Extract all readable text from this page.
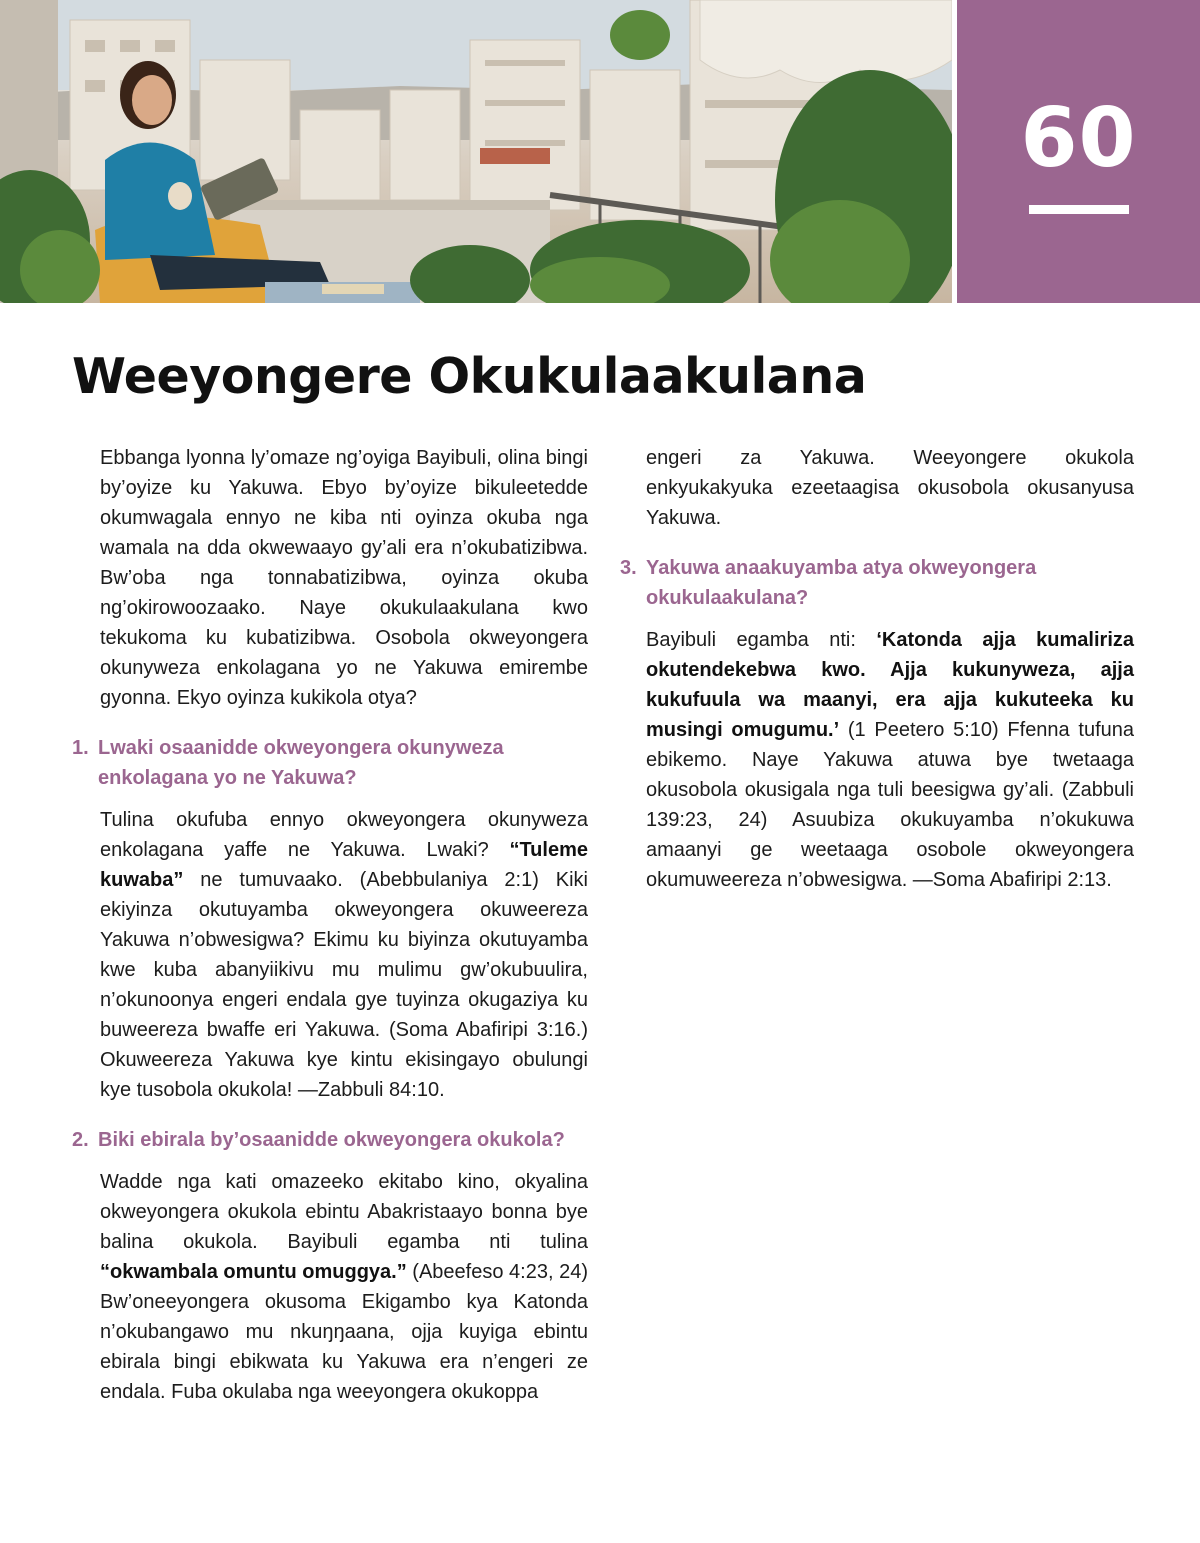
60
Weeyongere Okukulaakulana

Ebbanga lyonna ly’omaze ng’oyiga Bayibuli, olina bingi by’oyize ku Yakuwa. Ebyo by’oyize bikuleetedde okumwagala ennyo ne kiba nti oyinza okuba nga wamala na dda okwewaayo gy’ali era n’okubatizibwa. Bw’oba nga tonnabatizibwa, oyinza okuba ng’okirowoozaako. Naye okukulaakulana kwo tekukoma ku kubatizibwa. Osobola okweyongera okunyweza enkolagana yo ne Yakuwa emirembe gyonna. Ekyo oyinza kukikola otya?

1. Lwaki osaanidde okweyongera okunyweza enkolagana yo ne Yakuwa?

Tulina okufuba ennyo okweyongera okunyweza enkolagana yaffe ne Yakuwa. Lwaki? “Tuleme kuwaba” ne tumuvaako. (Abebbulaniya 2:1) Kiki ekiyinza okutuyamba okweyongera okuweereza Yakuwa n’obwesigwa? Ekimu ku biyinza okutuyamba kwe kuba abanyiikivu mu mulimu gw’okubuulira, n’okunoonya engeri endala gye tuyinza okugaziya ku buweereza bwaffe eri Yakuwa. (Soma Abafiripi 3:16.) Okuweereza Yakuwa kye kintu ekisingayo obulungi kye tusobola okukola! —Zabbuli 84:10.

2. Biki ebirala by’osaanidde okweyongera okukola?

Wadde nga kati omazeeko ekitabo kino, okyalina okweyongera okukola ebintu Abakristaayo bonna bye balina okukola. Bayibuli egamba nti tulina “okwambala omuntu omuggya.” (Abeefeso 4:23, 24) Bw’oneeyongera okusoma Ekigambo kya Katonda n’okubangawo mu nkuŋŋaana, ojja kuyiga ebintu ebirala bingi ebikwata ku Yakuwa era n’engeri ze endala. Fuba okulaba nga weeyongera okukoppa

engeri za Yakuwa. Weeyongere okukola enkyukakyuka ezeetaagisa okusobola okusanyusa Yakuwa.

3. Yakuwa anaakuyamba atya okweyongera okukulaakulana?

Bayibuli egamba nti: ‘Katonda ajja kumaliriza okutendekebwa kwo. Ajja kukunyweza, ajja kukufuula wa maanyi, era ajja kukuteeka ku musingi omugumu.’ (1 Peetero 5:10) Ffenna tufuna ebikemo. Naye Yakuwa atuwa bye twetaaga okusobola okusigala nga tuli beesigwa gy’ali. (Zabbuli 139:23, 24) Asuubiza okukuyamba n’okukuwa amaanyi ge weetaaga osobole okweyongera okumuweereza n’obwesigwa. —Soma Abafiripi 2:13.
